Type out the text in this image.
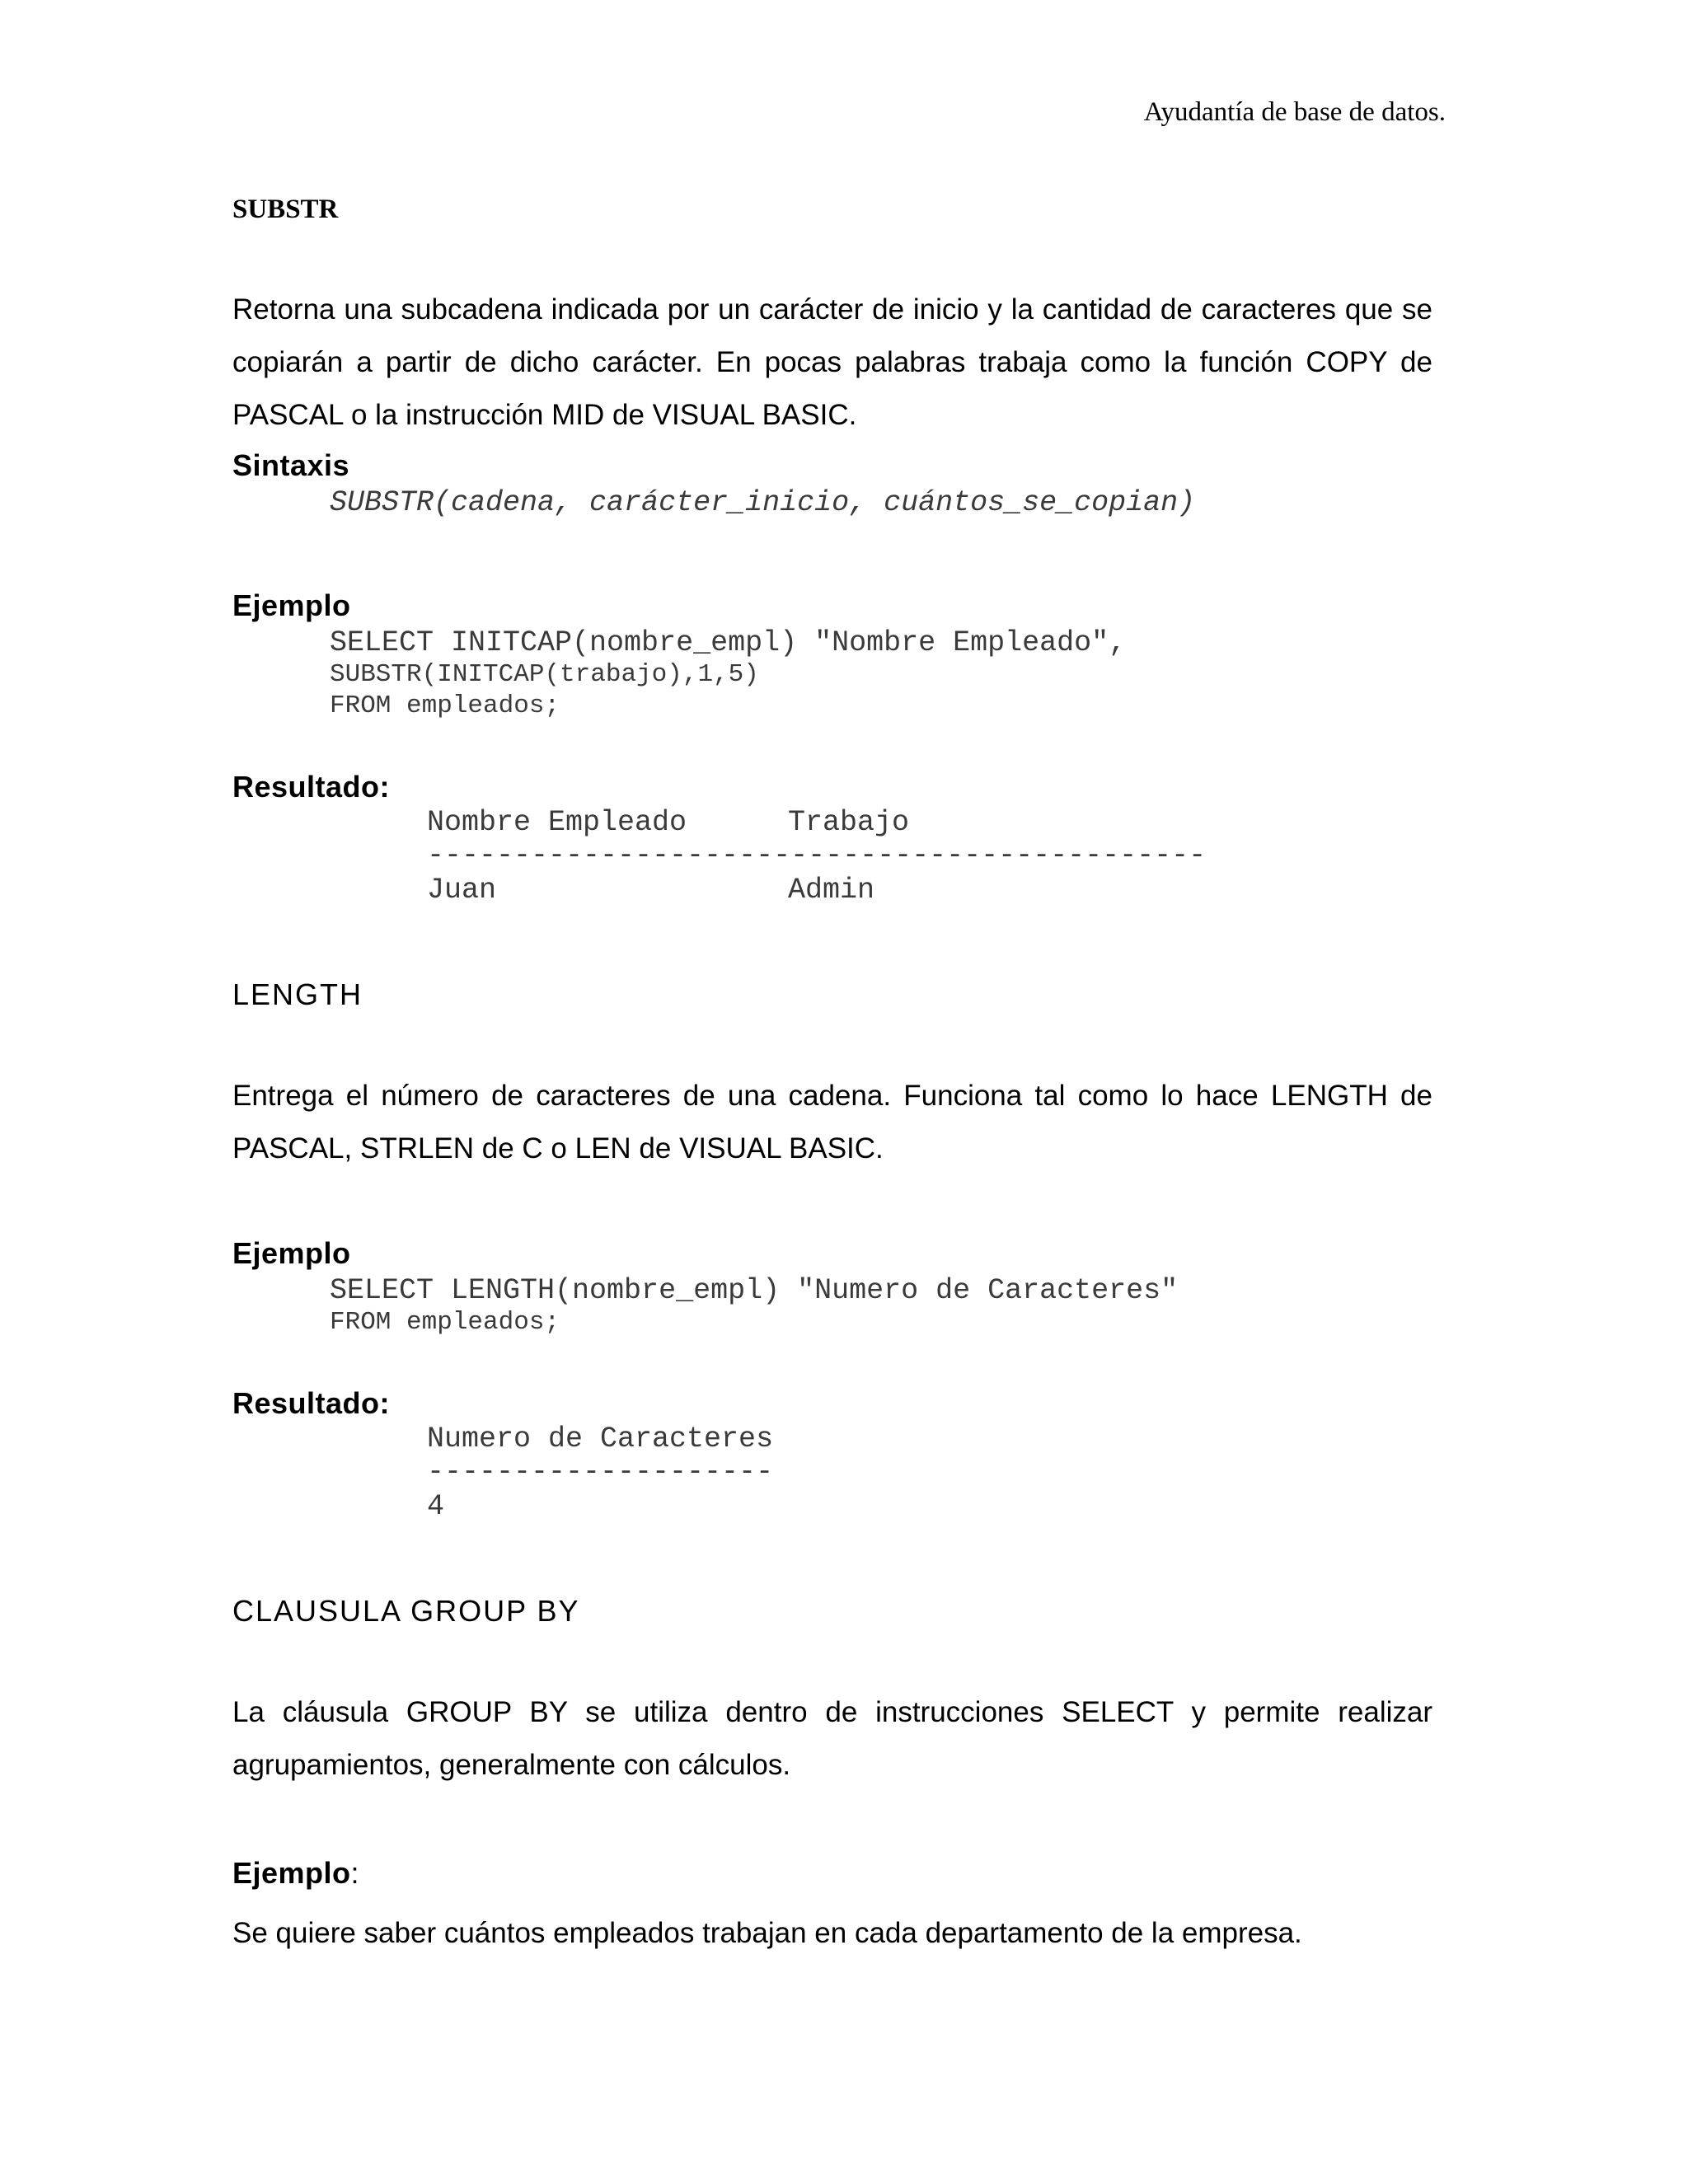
Ayudantía de base de datos.
SUBSTR

Retorna una subcadena indicada por un carácter de inicio y la cantidad de caracteres que se copiarán a partir de dicho carácter. En pocas palabras trabaja como la función COPY de PASCAL o la instrucción MID de VISUAL BASIC.

Sintaxis
SUBSTR(cadena, carácter_inicio, cuántos_se_copian)
Ejemplo
SELECT INITCAP(nombre_empl) "Nombre Empleado",
SUBSTR(INITCAP(trabajo),1,5)
FROM empleados;
Resultado:
Nombre Empleado	Trabajo
---------------------------------------------
Juan	Admin
LENGTH

Entrega el número de caracteres de una cadena. Funciona tal como lo hace LENGTH de PASCAL, STRLEN de C o LEN de VISUAL BASIC.

Ejemplo
SELECT LENGTH(nombre_empl) "Numero de Caracteres"
FROM empleados;
Resultado:
Numero de Caracteres
--------------------
4
CLAUSULA GROUP BY

La cláusula GROUP BY se utiliza dentro de instrucciones SELECT y permite realizar agrupamientos, generalmente con cálculos.

Ejemplo:
Se quiere saber cuántos empleados trabajan en cada departamento de la empresa.
